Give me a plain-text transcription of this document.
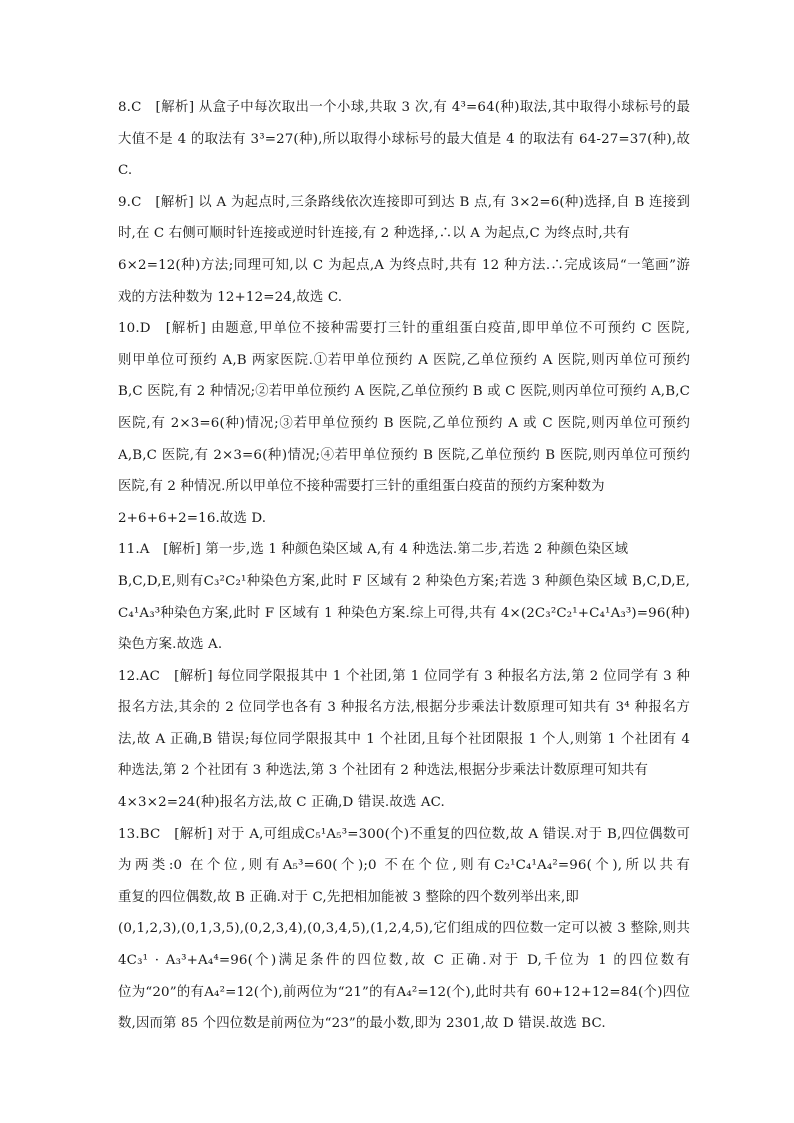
8.C　[解析] 从盒子中每次取出一个小球,共取 3 次,有 4³=64(种)取法,其中取得小球标号的最
大值不是 4 的取法有 3³=27(种),所以取得小球标号的最大值是 4 的取法有 64-27=37(种),故
C.
9.C　[解析] 以 A 为起点时,三条路线依次连接即可到达 B 点,有 3×2=6(种)选择,自 B 连接到
时,在 C 右侧可顺时针连接或逆时针连接,有 2 种选择,∴以 A 为起点,C 为终点时,共有
6×2=12(种)方法;同理可知,以 C 为起点,A 为终点时,共有 12 种方法.∴完成该局“一笔画”游
戏的方法种数为 12+12=24,故选 C.
10.D　[解析] 由题意,甲单位不接种需要打三针的重组蛋白疫苗,即甲单位不可预约 C 医院,
则甲单位可预约 A,B 两家医院.①若甲单位预约 A 医院,乙单位预约 A 医院,则丙单位可预约
B,C 医院,有 2 种情况;②若甲单位预约 A 医院,乙单位预约 B 或 C 医院,则丙单位可预约 A,B,C
医院,有 2×3=6(种)情况;③若甲单位预约 B 医院,乙单位预约 A 或 C 医院,则丙单位可预约
A,B,C 医院,有 2×3=6(种)情况;④若甲单位预约 B 医院,乙单位预约 B 医院,则丙单位可预约
医院,有 2 种情况.所以甲单位不接种需要打三针的重组蛋白疫苗的预约方案种数为
2+6+6+2=16.故选 D.
11.A　[解析] 第一步,选 1 种颜色染区域 A,有 4 种选法.第二步,若选 2 种颜色染区域
B,C,D,E,则有C₃²C₂¹种染色方案,此时 F 区域有 2 种染色方案;若选 3 种颜色染区域 B,C,D,E,
C₄¹A₃³种染色方案,此时 F 区域有 1 种染色方案.综上可得,共有 4×(2C₃²C₂¹+C₄¹A₃³)=96(种)
染色方案.故选 A.
12.AC　[解析] 每位同学限报其中 1 个社团,第 1 位同学有 3 种报名方法,第 2 位同学有 3 种
报名方法,其余的 2 位同学也各有 3 种报名方法,根据分步乘法计数原理可知共有 3⁴ 种报名方
法,故 A 正确,B 错误;每位同学限报其中 1 个社团,且每个社团限报 1 个人,则第 1 个社团有 4
种选法,第 2 个社团有 3 种选法,第 3 个社团有 2 种选法,根据分步乘法计数原理可知共有
4×3×2=24(种)报名方法,故 C 正确,D 错误.故选 AC.
13.BC　[解析] 对于 A,可组成C₅¹A₅³=300(个)不重复的四位数,故 A 错误.对于 B,四位偶数可
为两类:0 在个位,则有A₅³=60(个);0 不在个位,则有C₂¹C₄¹A₄²=96(个),所以共有
重复的四位偶数,故 B 正确.对于 C,先把相加能被 3 整除的四个数列举出来,即
(0,1,2,3),(0,1,3,5),(0,2,3,4),(0,3,4,5),(1,2,4,5),它们组成的四位数一定可以被 3 整除,则共
4C₃¹ · A₃³+A₄⁴=96(个)满足条件的四位数,故 C 正确.对于 D,千位为 1 的四位数有
位为“20”的有A₄²=12(个),前两位为“21”的有A₄²=12(个),此时共有 60+12+12=84(个)四位
数,因而第 85 个四位数是前两位为“23”的最小数,即为 2301,故 D 错误.故选 BC.
